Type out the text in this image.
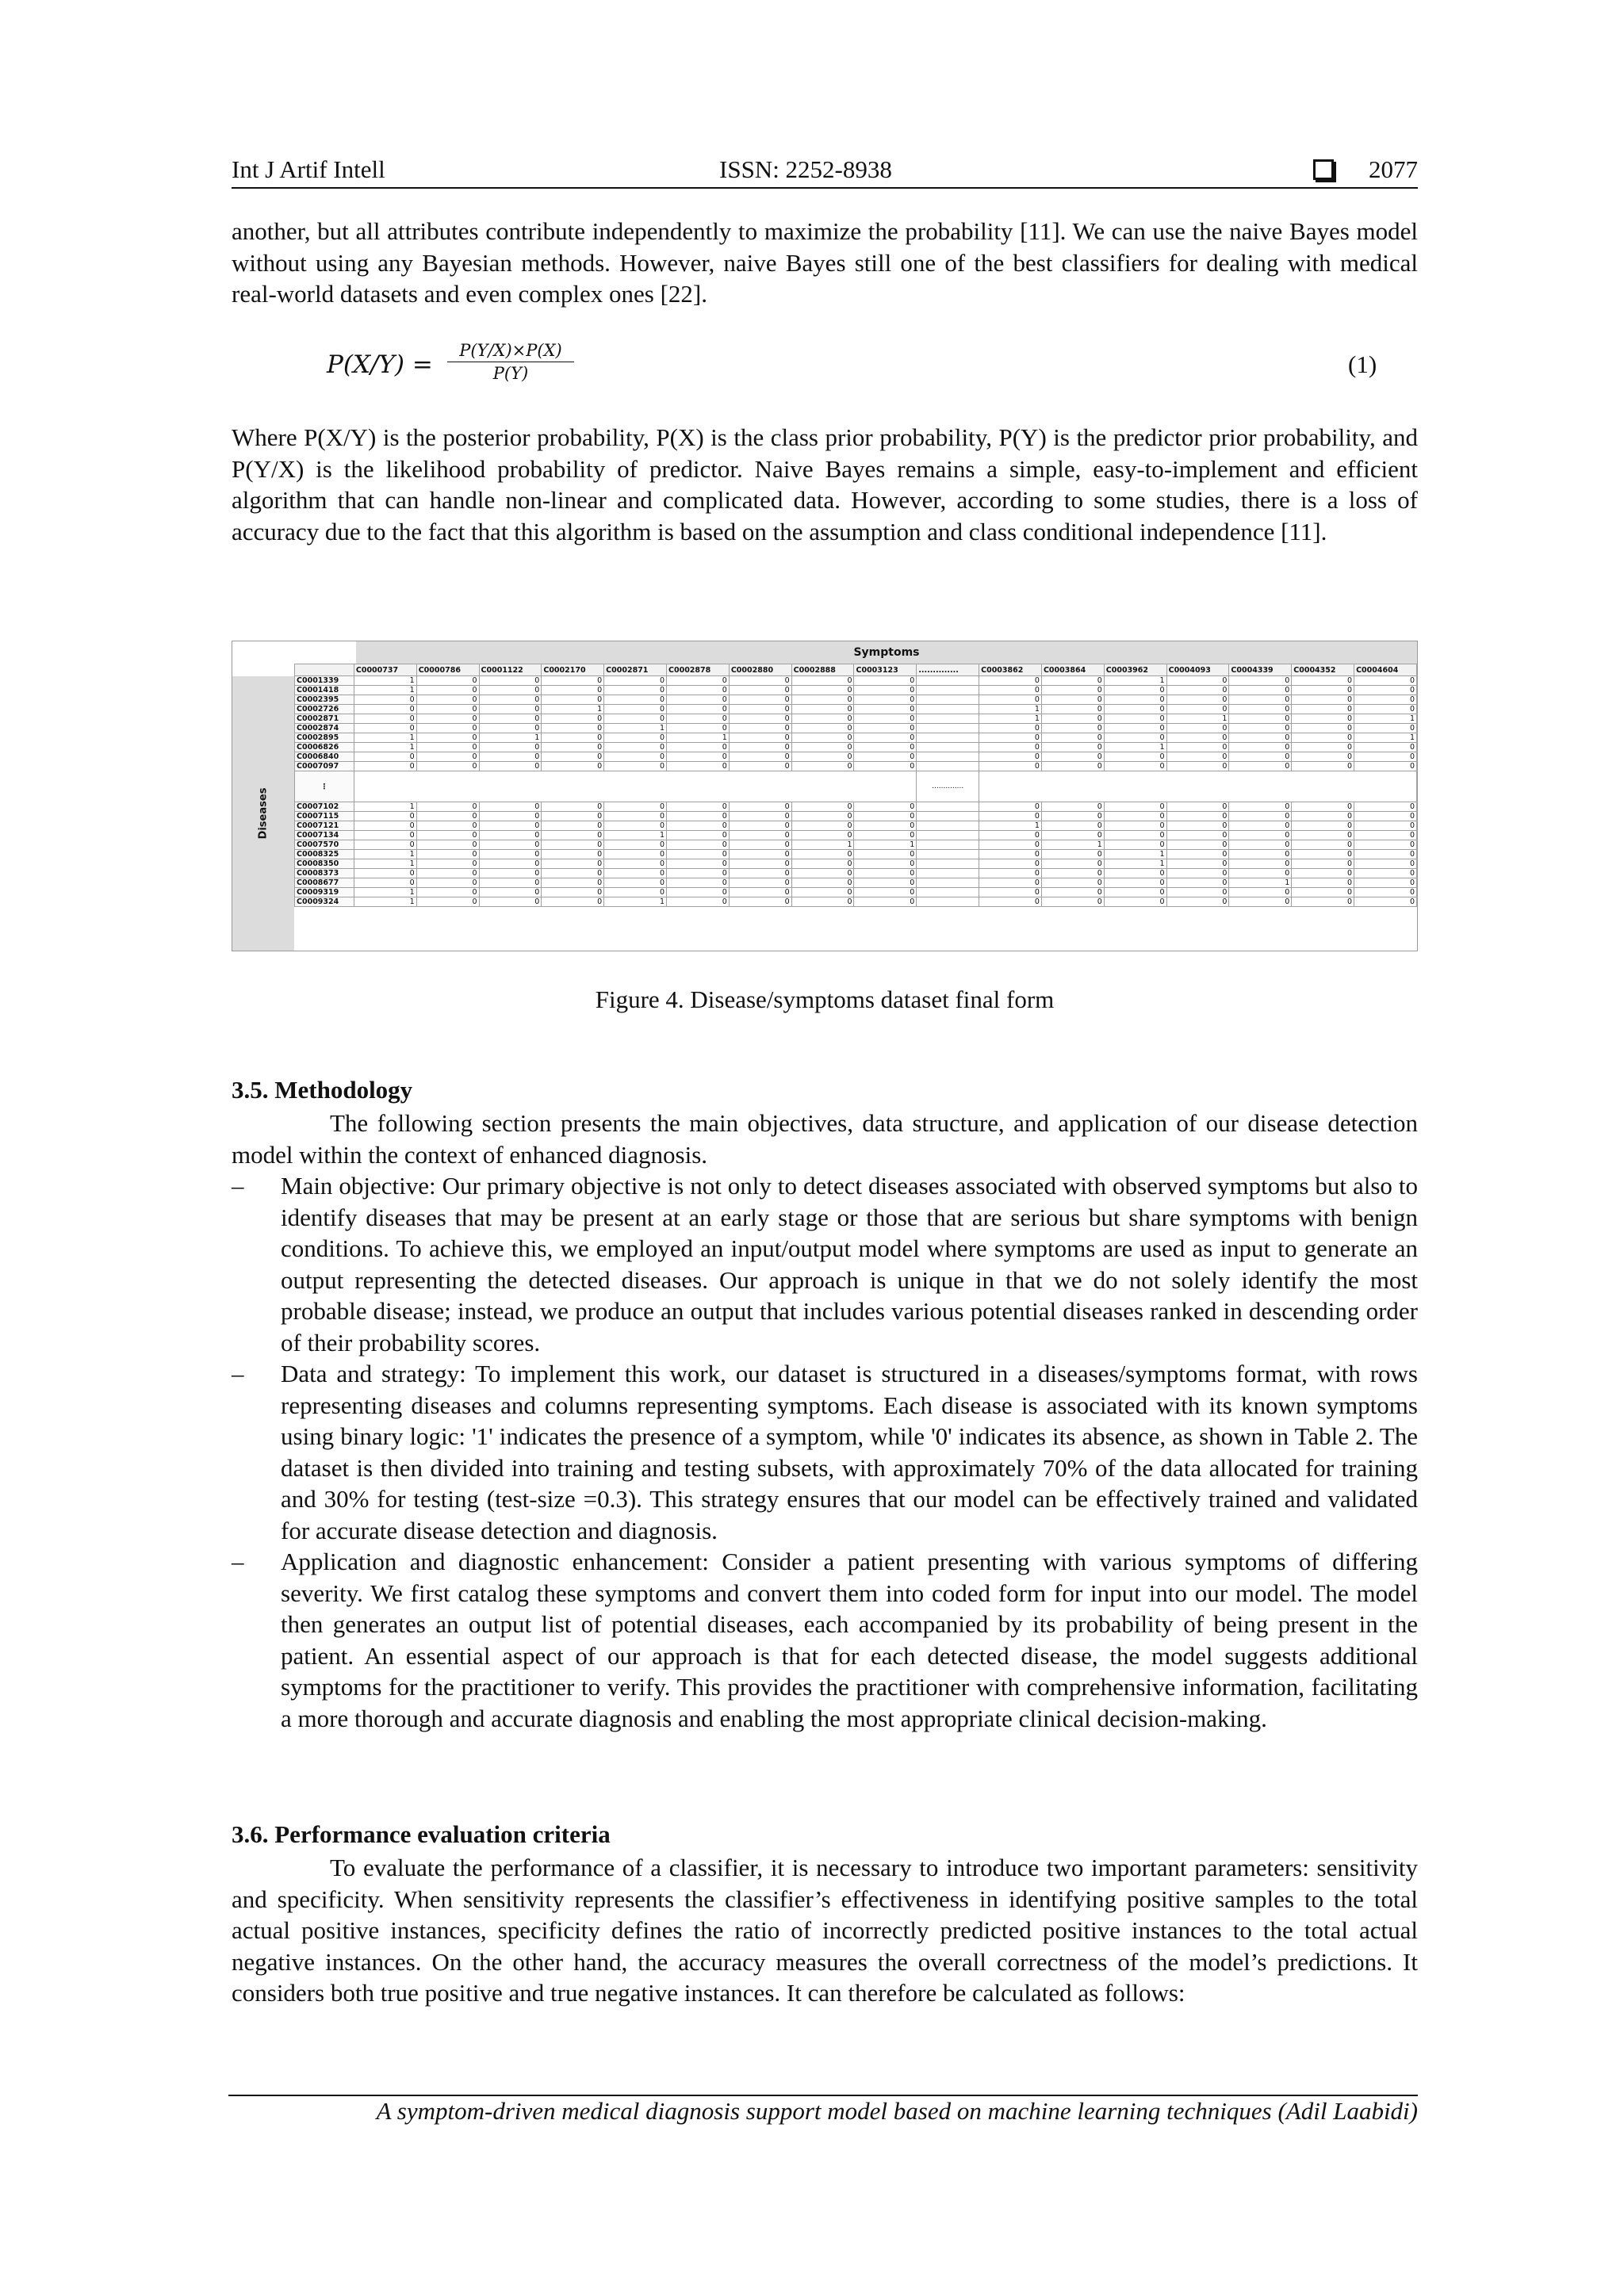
Int J Artif Intell	ISSN: 2252-8938	2077

another, but all attributes contribute independently to maximize the probability [11]. We can use the naive Bayes model without using any Bayesian methods. However, naive Bayes still one of the best classifiers for dealing with medical real-world datasets and even complex ones [22].

$P(X/Y) = \frac{P(Y/X)\times P(X)}{P(Y)}$	(1)

Where P(X/Y) is the posterior probability, P(X) is the class prior probability, P(Y) is the predictor prior probability, and P(Y/X) is the likelihood probability of predictor. Naive Bayes remains a simple, easy-to-implement and efficient algorithm that can handle non-linear and complicated data. However, according to some studies, there is a loss of accuracy due to the fact that this algorithm is based on the assumption and class conditional independence [11].

Symptoms
Diseases
	C0000737	C0000786	C0001122	C0002170	C0002871	C0002878	C0002880	C0002888	C0003123	..............	C0003862	C0003864	C0003962	C0004093	C0004339	C0004352	C0004604
C0001339	1	0	0	0	0	0	0	0	0		0	0	1	0	0	0	0
C0001418	1	0	0	0	0	0	0	0	0		0	0	0	0	0	0	0
C0002395	0	0	0	0	0	0	0	0	0		0	0	0	0	0	0	0
C0002726	0	0	0	1	0	0	0	0	0		1	0	0	0	0	0	0
C0002871	0	0	0	0	0	0	0	0	0		1	0	0	1	0	0	1
C0002874	0	0	0	0	1	0	0	0	0		0	0	0	0	0	0	0
C0002895	1	0	1	0	0	1	0	0	0		0	0	0	0	0	0	1
C0006826	1	0	0	0	0	0	0	0	0		0	0	1	0	0	0	0
C0006840	0	0	0	0	0	0	0	0	0		0	0	0	0	0	0	0
C0007097	0	0	0	0	0	0	0	0	0		0	0	0	0	0	0	0
⋮										..............							
C0007102	1	0	0	0	0	0	0	0	0		0	0	0	0	0	0	0
C0007115	0	0	0	0	0	0	0	0	0		0	0	0	0	0	0	0
C0007121	0	0	0	0	0	0	0	0	0		1	0	0	0	0	0	0
C0007134	0	0	0	0	1	0	0	0	0		0	0	0	0	0	0	0
C0007570	0	0	0	0	0	0	0	1	1		0	1	0	0	0	0	0
C0008325	1	0	0	0	0	0	0	0	0		0	0	1	0	0	0	0
C0008350	1	0	0	0	0	0	0	0	0		0	0	1	0	0	0	0
C0008373	0	0	0	0	0	0	0	0	0		0	0	0	0	0	0	0
C0008677	0	0	0	0	0	0	0	0	0		0	0	0	0	1	0	0
C0009319	1	0	0	0	0	0	0	0	0		0	0	0	0	0	0	0
C0009324	1	0	0	0	1	0	0	0	0		0	0	0	0	0	0	0
Figure 4. Disease/symptoms dataset final form
3.5. Methodology

The following section presents the main objectives, data structure, and application of our disease detection model within the context of enhanced diagnosis.

– Main objective: Our primary objective is not only to detect diseases associated with observed symptoms but also to identify diseases that may be present at an early stage or those that are serious but share symptoms with benign conditions. To achieve this, we employed an input/output model where symptoms are used as input to generate an output representing the detected diseases. Our approach is unique in that we do not solely identify the most probable disease; instead, we produce an output that includes various potential diseases ranked in descending order of their probability scores.
– Data and strategy: To implement this work, our dataset is structured in a diseases/symptoms format, with rows representing diseases and columns representing symptoms. Each disease is associated with its known symptoms using binary logic: '1' indicates the presence of a symptom, while '0' indicates its absence, as shown in Table 2. The dataset is then divided into training and testing subsets, with approximately 70% of the data allocated for training and 30% for testing (test-size =0.3). This strategy ensures that our model can be effectively trained and validated for accurate disease detection and diagnosis.
– Application and diagnostic enhancement: Consider a patient presenting with various symptoms of differing severity. We first catalog these symptoms and convert them into coded form for input into our model. The model then generates an output list of potential diseases, each accompanied by its probability of being present in the patient. An essential aspect of our approach is that for each detected disease, the model suggests additional symptoms for the practitioner to verify. This provides the practitioner with comprehensive information, facilitating a more thorough and accurate diagnosis and enabling the most appropriate clinical decision-making.
3.6. Performance evaluation criteria

To evaluate the performance of a classifier, it is necessary to introduce two important parameters: sensitivity and specificity. When sensitivity represents the classifier’s effectiveness in identifying positive samples to the total actual positive instances, specificity defines the ratio of incorrectly predicted positive instances to the total actual negative instances. On the other hand, the accuracy measures the overall correctness of the model’s predictions. It considers both true positive and true negative instances. It can therefore be calculated as follows:

A symptom-driven medical diagnosis support model based on machine learning techniques (Adil Laabidi)
